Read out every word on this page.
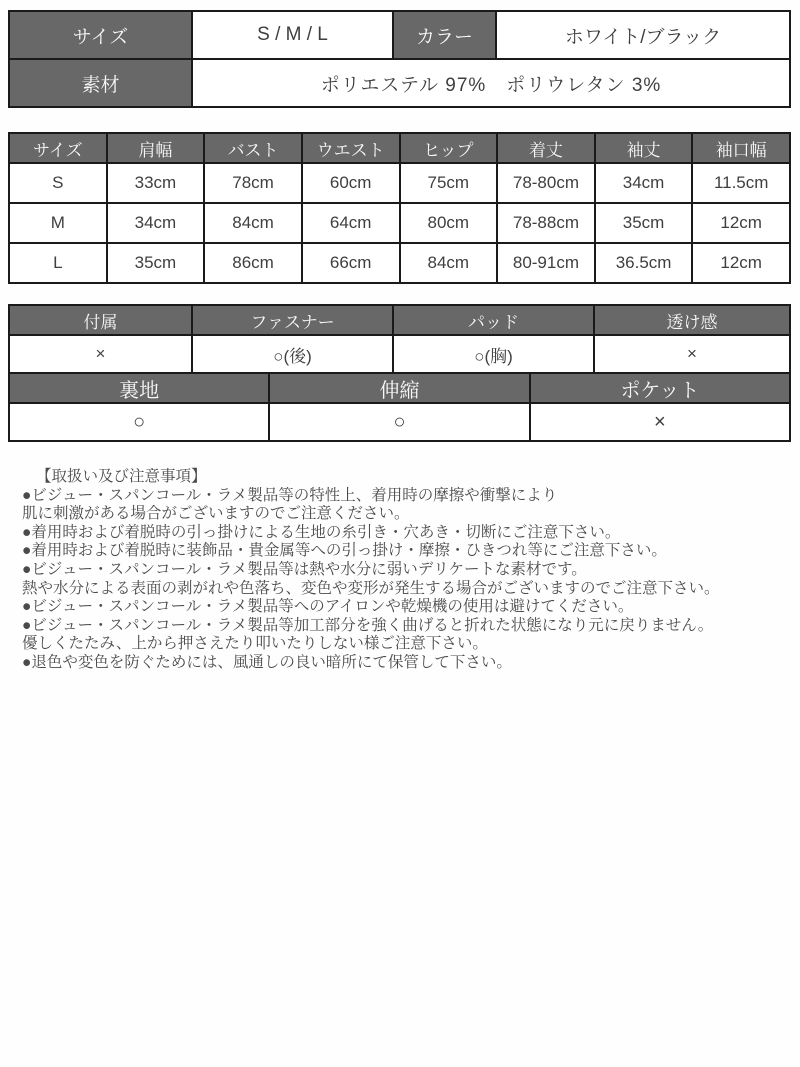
サイズ	S / M / L	カラー	ホワイト/ブラック
素材	ポリエステル 97%　ポリウレタン 3%
サイズ	肩幅	バスト	ウエスト	ヒップ	着丈	袖丈	袖口幅
S	33cm	78cm	60cm	75cm	78-80cm	34cm	11.5cm
M	34cm	84cm	64cm	80cm	78-88cm	35cm	12cm
L	35cm	86cm	66cm	84cm	80-91cm	36.5cm	12cm
付属	ファスナー	パッド	透け感
×	○(後)	○(胸)	×
裏地	伸縮	ポケット
○	○	×
【取扱い及び注意事項】
●ビジュー・スパンコール・ラメ製品等の特性上、着用時の摩擦や衝撃により
肌に刺激がある場合がございますのでご注意ください。
●着用時および着脱時の引っ掛けによる生地の糸引き・穴あき・切断にご注意下さい。
●着用時および着脱時に装飾品・貴金属等への引っ掛け・摩擦・ひきつれ等にご注意下さい。
●ビジュー・スパンコール・ラメ製品等は熱や水分に弱いデリケートな素材です。
熱や水分による表面の剥がれや色落ち、変色や変形が発生する場合がございますのでご注意下さい。
●ビジュー・スパンコール・ラメ製品等へのアイロンや乾燥機の使用は避けてください。
●ビジュー・スパンコール・ラメ製品等加工部分を強く曲げると折れた状態になり元に戻りません。
優しくたたみ、上から押さえたり叩いたりしない様ご注意下さい。
●退色や変色を防ぐためには、風通しの良い暗所にて保管して下さい。
